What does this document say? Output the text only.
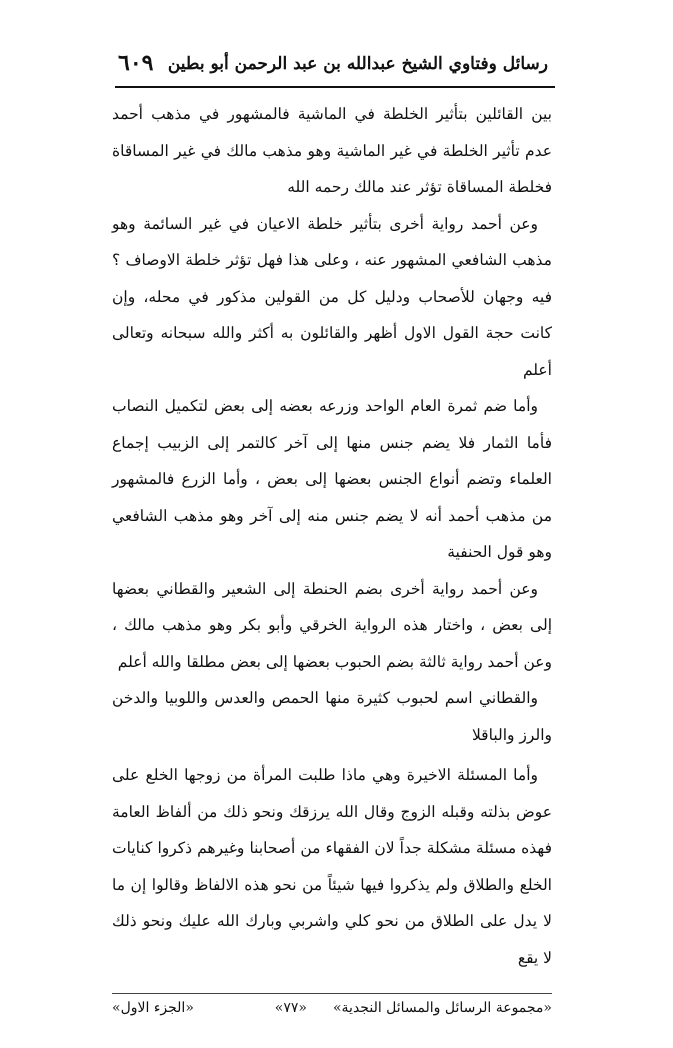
رسائل وفتاوي الشيخ عبدالله بن عبد الرحمن أبو بطين
٦٠٩

بين القائلين بتأثير الخلطة في الماشية فالمشهور في مذهب أحمد عدم تأثير الخلطة في غير الماشية وهو مذهب مالك في غير المساقاة فخلطة المساقاة تؤثر عند مالك رحمه الله

وعن أحمد رواية أخرى بتأثير خلطة الاعيان في غير السائمة وهو مذهب الشافعي المشهور عنه ، وعلى هذا فهل تؤثر خلطة الاوصاف ؟ فيه وجهان للأصحاب ودليل كل من القولين مذكور في محله، وإن كانت حجة القول الاول أظهر والقائلون به أكثر والله سبحانه وتعالى أعلم

وأما ضم ثمرة العام الواحد وزرعه بعضه إلى بعض لتكميل النصاب فأما الثمار فلا يضم جنس منها إلى آخر كالتمر إلى الزبيب إجماع العلماء وتضم أنواع الجنس بعضها إلى بعض ، وأما الزرع فالمشهور من مذهب أحمد أنه لا يضم جنس منه إلى آخر وهو مذهب الشافعي وهو قول الحنفية

وعن أحمد رواية أخرى بضم الحنطة إلى الشعير والقطاني بعضها إلى بعض ، واختار هذه الرواية الخرقي وأبو بكر وهو مذهب مالك ، وعن أحمد رواية ثالثة بضم الحبوب بعضها إلى بعض مطلقا والله أعلم

والقطاني اسم لحبوب كثيرة منها الحمص والعدس واللوبيا والدخن والرز والباقلا

وأما المسئلة الاخيرة وهي ماذا طلبت المرأة من زوجها الخلع على عوض بذلته وقبله الزوج وقال الله يرزقك ونحو ذلك من ألفاظ العامة فهذه مسئلة مشكلة جداً لان الفقهاء من أصحابنا وغيرهم ذكروا كنايات الخلع والطلاق ولم يذكروا فيها شيئاً من نحو هذه الالفاظ وقالوا إن ما لا يدل على الطلاق من نحو كلي واشربي وبارك الله عليك ونحو ذلك لا يقع

«مجموعة الرسائل والمسائل النجدية»
«٧٧»
«الجزء الاول»
